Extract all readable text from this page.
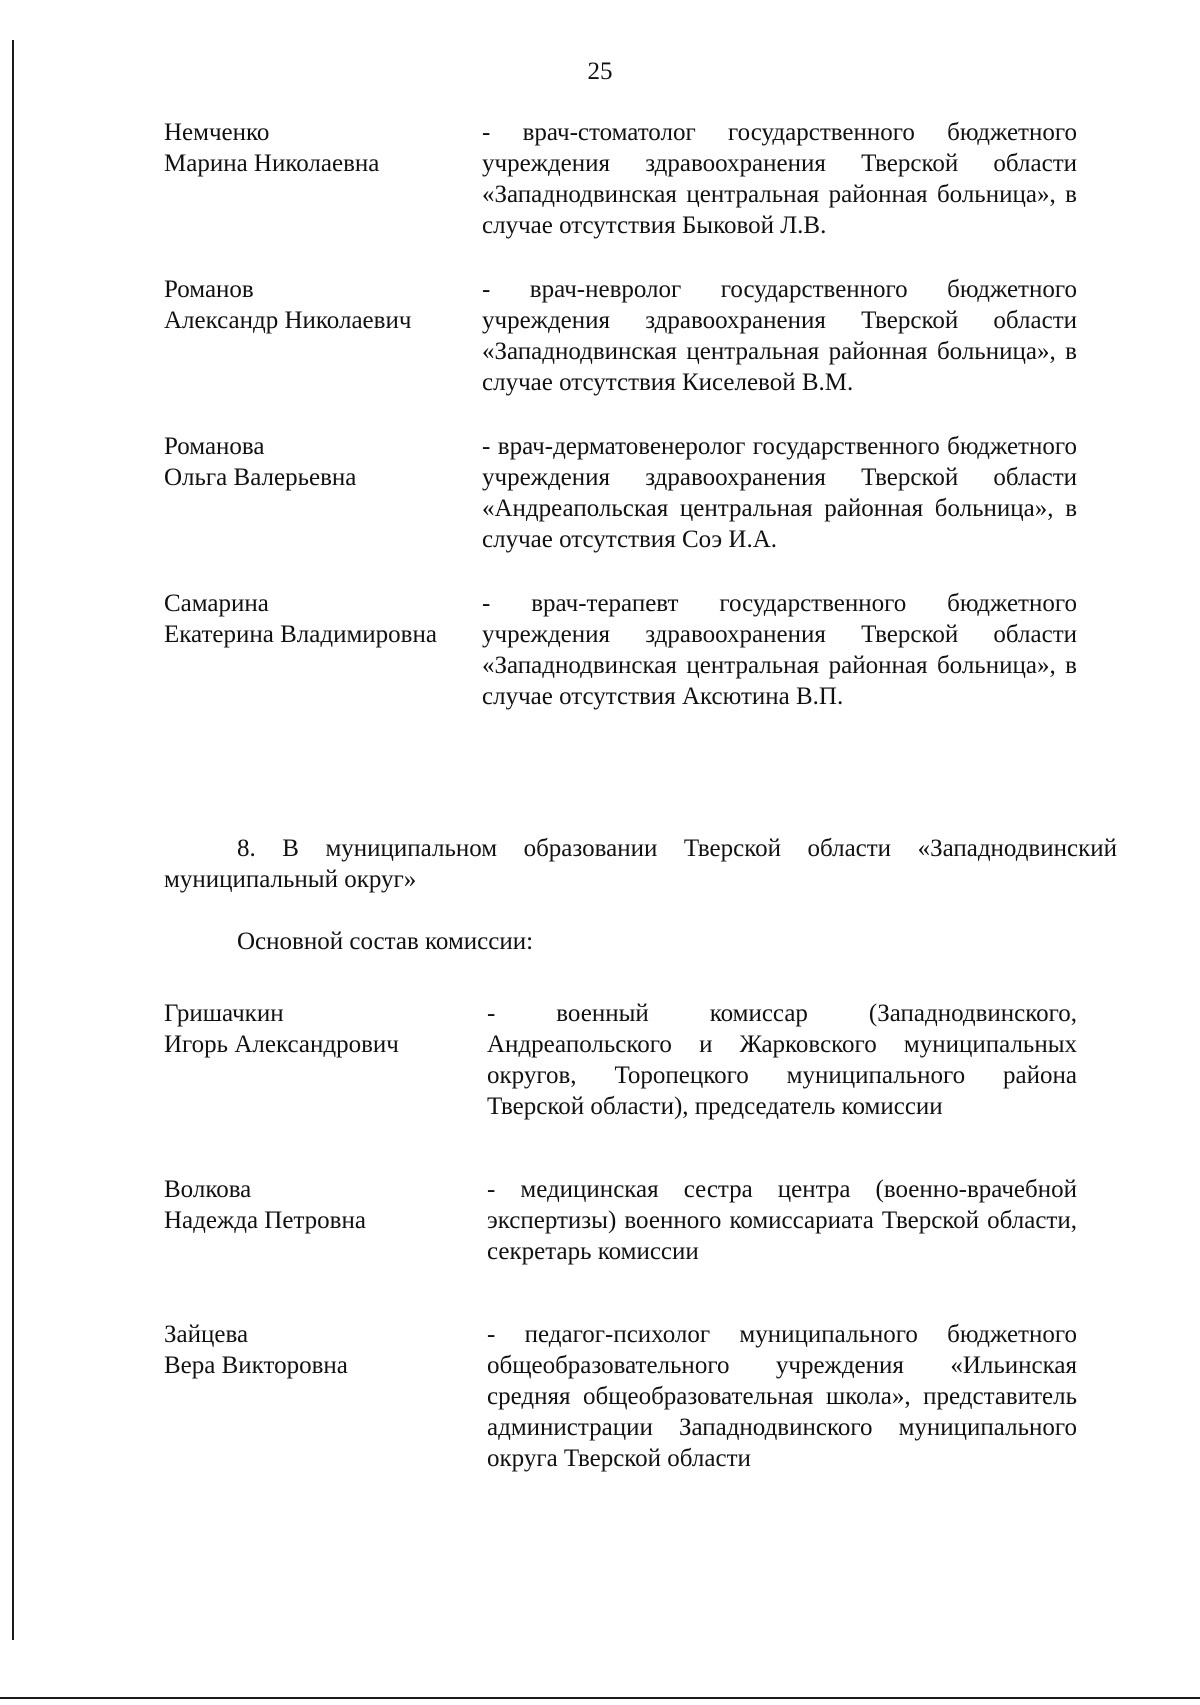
25
Немченко
Марина Николаевна
- врач-стоматолог государственного бюджетного учреждения здравоохранения Тверской области «Западнодвинская центральная районная больница», в случае отсутствия Быковой Л.В.
Романов
Александр Николаевич
- врач-невролог государственного бюджетного учреждения здравоохранения Тверской области «Западнодвинская центральная районная больница», в случае отсутствия Киселевой В.М.
Романова
Ольга Валерьевна
- врач-дерматовенеролог государственного бюджетного учреждения здравоохранения Тверской области «Андреапольская центральная районная больница», в случае отсутствия Соэ И.А.
Самарина
Екатерина Владимировна
- врач-терапевт государственного бюджетного учреждения здравоохранения Тверской области «Западнодвинская центральная районная больница», в случае отсутствия Аксютина В.П.
8. В муниципальном образовании Тверской области «Западнодвинский муниципальный округ»
Основной состав комиссии:
Гришачкин
Игорь Александрович
- военный комиссар (Западнодвинского, Андреапольского и Жарковского муниципальных округов, Торопецкого муниципального района Тверской области), председатель комиссии
Волкова
Надежда Петровна
- медицинская сестра центра (военно-врачебной экспертизы) военного комиссариата Тверской области, секретарь комиссии
Зайцева
Вера Викторовна
- педагог-психолог муниципального бюджетного общеобразовательного учреждения «Ильинская средняя общеобразовательная школа», представитель администрации Западнодвинского муниципального округа Тверской области
